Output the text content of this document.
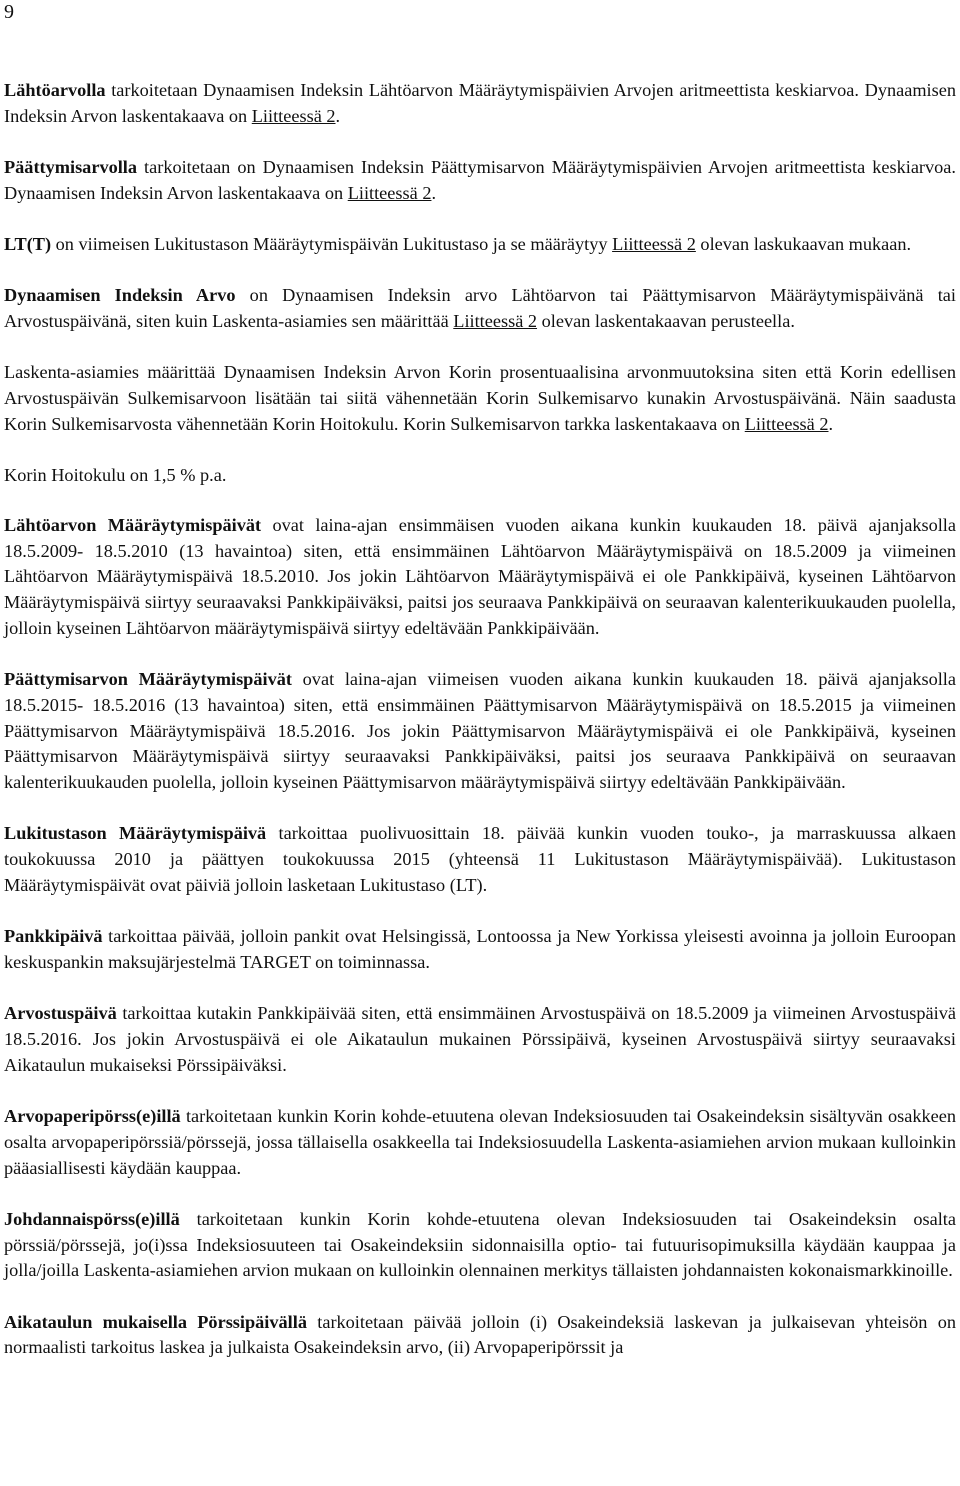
9

Lähtöarvolla tarkoitetaan Dynaamisen Indeksin Lähtöarvon Määräytymispäivien Arvojen aritmeettista keskiarvoa. Dynaamisen Indeksin Arvon laskentakaava on Liitteessä 2.

Päättymisarvolla tarkoitetaan on Dynaamisen Indeksin Päättymisarvon Määräytymispäivien Arvojen aritmeettista keskiarvoa. Dynaamisen Indeksin Arvon laskentakaava on Liitteessä 2.

LT(T) on viimeisen Lukitustason Määräytymispäivän Lukitustaso ja se määräytyy Liitteessä 2 olevan laskukaavan mukaan.

Dynaamisen Indeksin Arvo on Dynaamisen Indeksin arvo Lähtöarvon tai Päättymisarvon Määräytymispäivänä tai Arvostuspäivänä, siten kuin Laskenta-asiamies sen määrittää Liitteessä 2 olevan laskentakaavan perusteella.

Laskenta-asiamies määrittää Dynaamisen Indeksin Arvon Korin prosentuaalisina arvonmuutoksina siten että Korin edellisen Arvostuspäivän Sulkemisarvoon lisätään tai siitä vähennetään Korin Sulkemisarvo kunakin Arvostuspäivänä. Näin saadusta Korin Sulkemisarvosta vähennetään Korin Hoitokulu. Korin Sulkemisarvon tarkka laskentakaava on Liitteessä 2.

Korin Hoitokulu on 1,5 % p.a.

Lähtöarvon Määräytymispäivät ovat laina-ajan ensimmäisen vuoden aikana kunkin kuukauden 18. päivä ajanjaksolla 18.5.2009- 18.5.2010 (13 havaintoa) siten, että ensimmäinen Lähtöarvon Määräytymispäivä on 18.5.2009 ja viimeinen Lähtöarvon Määräytymispäivä 18.5.2010. Jos jokin Lähtöarvon Määräytymispäivä ei ole Pankkipäivä, kyseinen Lähtöarvon Määräytymispäivä siirtyy seuraavaksi Pankkipäiväksi, paitsi jos seuraava Pankkipäivä on seuraavan kalenterikuukauden puolella, jolloin kyseinen Lähtöarvon määräytymispäivä siirtyy edeltävään Pankkipäivään.

Päättymisarvon Määräytymispäivät ovat laina-ajan viimeisen vuoden aikana kunkin kuukauden 18. päivä ajanjaksolla 18.5.2015- 18.5.2016 (13 havaintoa) siten, että ensimmäinen Päättymisarvon Määräytymispäivä on 18.5.2015 ja viimeinen Päättymisarvon Määräytymispäivä 18.5.2016. Jos jokin Päättymisarvon Määräytymispäivä ei ole Pankkipäivä, kyseinen Päättymisarvon Määräytymispäivä siirtyy seuraavaksi Pankkipäiväksi, paitsi jos seuraava Pankkipäivä on seuraavan kalenterikuukauden puolella, jolloin kyseinen Päättymisarvon määräytymispäivä siirtyy edeltävään Pankkipäivään.

Lukitustason Määräytymispäivä tarkoittaa puolivuosittain 18. päivää kunkin vuoden touko-, ja marraskuussa alkaen toukokuussa 2010 ja päättyen toukokuussa 2015 (yhteensä 11 Lukitustason Määräytymispäivää). Lukitustason Määräytymispäivät ovat päiviä jolloin lasketaan Lukitustaso (LT).

Pankkipäivä tarkoittaa päivää, jolloin pankit ovat Helsingissä, Lontoossa ja New Yorkissa yleisesti avoinna ja jolloin Euroopan keskuspankin maksujärjestelmä TARGET on toiminnassa.

Arvostuspäivä tarkoittaa kutakin Pankkipäivää siten, että ensimmäinen Arvostuspäivä on 18.5.2009 ja viimeinen Arvostuspäivä 18.5.2016. Jos jokin Arvostuspäivä ei ole Aikataulun mukainen Pörssipäivä, kyseinen Arvostuspäivä siirtyy seuraavaksi Aikataulun mukaiseksi Pörssipäiväksi.

Arvopaperipörss(e)illä tarkoitetaan kunkin Korin kohde-etuutena olevan Indeksiosuuden tai Osakeindeksin sisältyvän osakkeen osalta arvopaperipörssiä/pörssejä, jossa tällaisella osakkeella tai Indeksiosuudella Laskenta-asiamiehen arvion mukaan kulloinkin pääasiallisesti käydään kauppaa.

Johdannaispörss(e)illä tarkoitetaan kunkin Korin kohde-etuutena olevan Indeksiosuuden tai Osakeindeksin osalta pörssiä/pörssejä, jo(i)ssa Indeksiosuuteen tai Osakeindeksiin sidonnaisilla optio- tai futuurisopimuksilla käydään kauppaa ja jolla/joilla Laskenta-asiamiehen arvion mukaan on kulloinkin olennainen merkitys tällaisten johdannaisten kokonaismarkkinoille.

Aikataulun mukaisella Pörssipäivällä tarkoitetaan päivää jolloin (i) Osakeindeksiä laskevan ja julkaisevan yhteisön on normaalisti tarkoitus laskea ja julkaista Osakeindeksin arvo, (ii) Arvopaperipörssit ja
